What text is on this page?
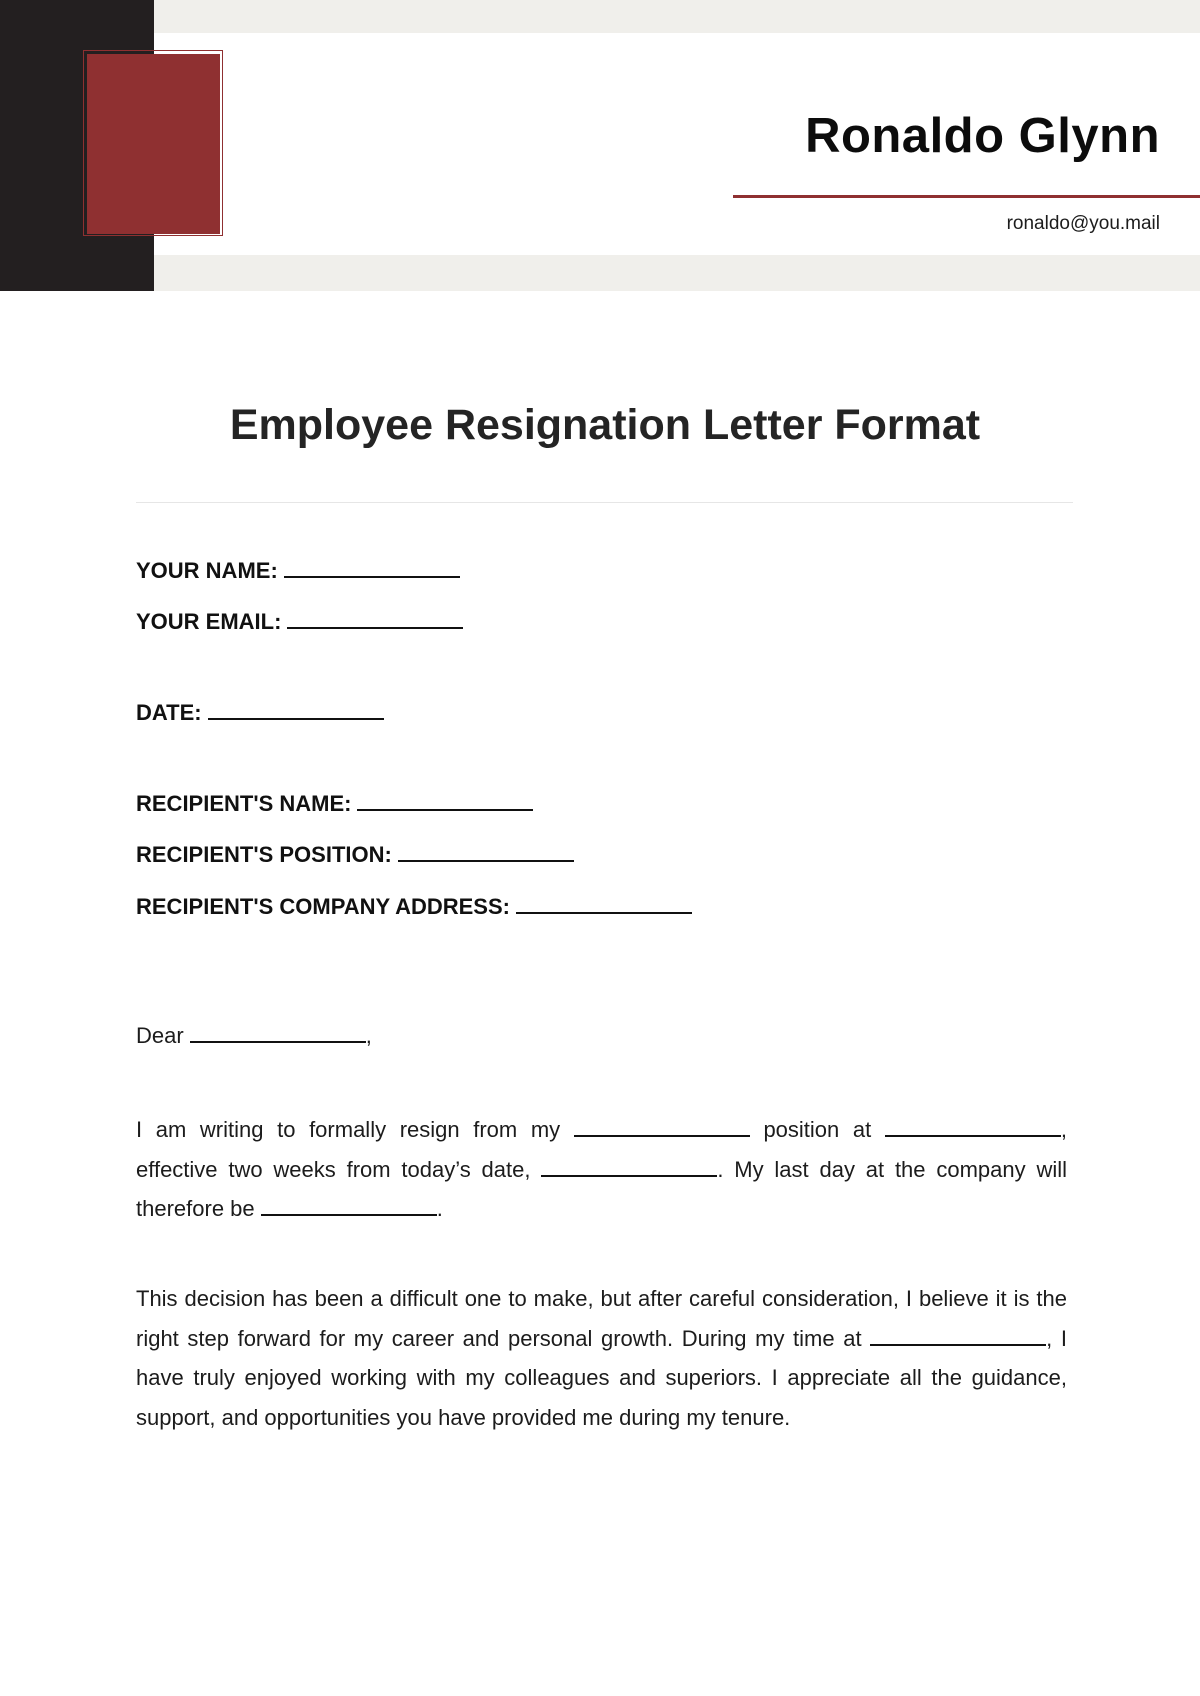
Ronaldo Glynn
ronaldo@you.mail
Employee Resignation Letter Format
YOUR NAME:
YOUR EMAIL:
DATE:
RECIPIENT'S NAME:
RECIPIENT'S POSITION:
RECIPIENT'S COMPANY ADDRESS:
Dear	,
I am writing to formally resign from my	position at	, effective two weeks from today’s date,	. My last day at the company will therefore be	.
This decision has been a difficult one to make, but after careful consideration, I believe it is the right step forward for my career and personal growth. During my time at	, I have truly enjoyed working with my colleagues and superiors. I appreciate all the guidance, support, and opportunities you have provided me during my tenure.
